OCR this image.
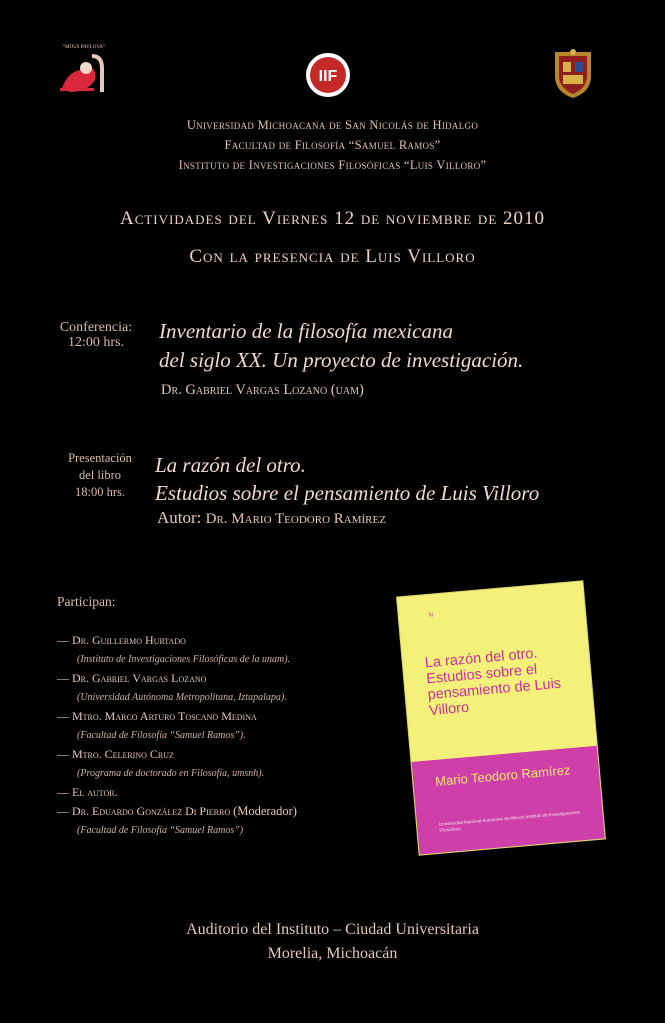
“MOUS PAVLOVA”
IIF
Universidad Michoacana de San Nicolás de Hidalgo
Facultad de Filosofía “Samuel Ramos”
Instituto de Investigaciones Filosóficas “Luis Villoro”
Actividades del Viernes 12 de noviembre de 2010
Con la presencia de Luis Villoro
Conferencia:
12:00 hrs.	Inventario de la filosofía mexicana
del siglo XX. Un proyecto de investigación.
Dr. Gabriel Vargas Lozano (uam)
Presentación
del libro
18:00 hrs.
La razón del otro.
Estudios sobre el pensamiento de Luis Villoro
Autor: Dr. Mario Teodoro Ramírez
Participan:
— Dr. Guillermo Hurtado
(Instituto de Investigaciones Filosóficas de la unam).
— Dr. Gabriel Vargas Lozano
(Universidad Autónoma Metropolitana, Iztapalapa).
— Mtro. Marco Arturo Toscano Medina
(Facultad de Filosofía “Samuel Ramos”).
— Mtro. Celerino Cruz
(Programa de doctorado en Filosofía, umsnh).
— El autor.
— Dr. Eduardo González Di Pierro (Moderador)
(Facultad de Filosofía “Samuel Ramos”)
N
La razón del otro. Estudios sobre el pensamiento de Luis Villoro
Mario Teodoro Ramírez
Universidad Nacional Autónoma de México Instituto de Investigaciones Filosóficas
Auditorio del Instituto – Ciudad Universitaria
Morelia, Michoacán
